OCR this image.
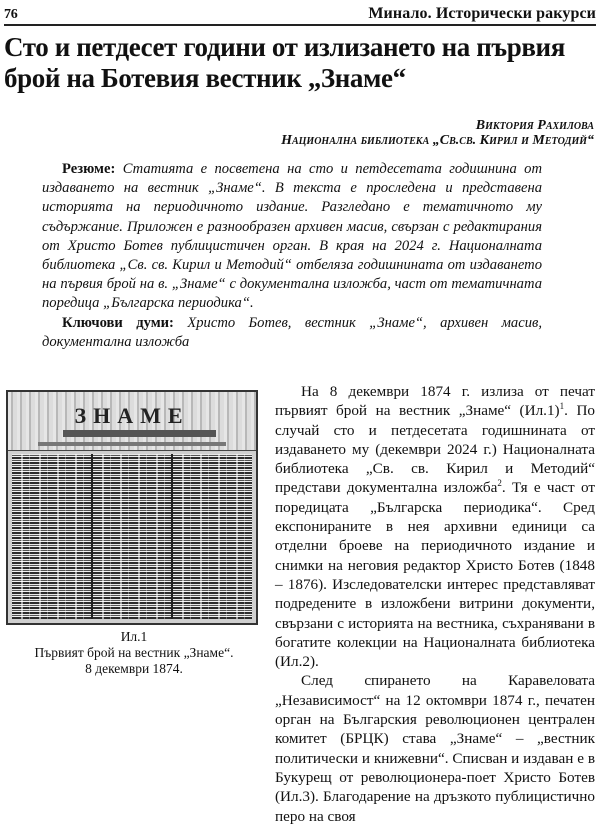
76	Минало. Исторически ракурси
Сто и петдесет години от излизането на първия брой на Ботевия вестник „Знаме“
Виктория Рахилова
Национална библиотека „Св.св. Кирил и Методий“

Резюме: Статията е посветена на сто и петдесетата годишнина от издаването на вестник „Знаме“. В текста е проследена и представена историята на периодичното издание. Разгледано е тематичното му съдържание. Приложен е разнообразен архивен масив, свързан с редактирания от Христо Ботев публицистичен орган. В края на 2024 г. Националната библиотека „Св. св. Кирил и Методий“ отбеляза годишнината от издаването на първия брой на в. „Знаме“ с документална изложба, част от тематичната поредица „Българска периодика“.

Ключови думи: Христо Ботев, вестник „Знаме“, архивен масив, документална изложба

ЗНАМЕ
Ил.1
Първият брой на вестник „Знаме“.
8 декември 1874.

На 8 декември 1874 г. излиза от печат първият брой на вестник „Знаме“ $(Ил.1)^1$. По случай сто и петдесетата годишнината от издаването му (декември 2024 г.) Националната библиотека „Св. св. Кирил и Методий“ представи документална изложба$^2$. Тя е част от поредицата „Българска периодика“. Сред експонираните в нея архивни единици са отделни броеве на периодичното издание и снимки на неговия редактор Христо Ботев (1848 – 1876). Изследователски интерес представляват подредените в изложбени витрини документи, свързани с историята на вестника, съхранявани в богатите колекции на Националната библиотека (Ил.2).

След спирането на Каравеловата „Независимост“ на 12 октомври 1874 г., печатен орган на Българския революционен централен комитет (БРЦК) става „Знаме“ – „вестник политически и книжевни“. Списван и издаван е в Букурещ от революционера-поет Христо Ботев (Ил.3). Благодарение на дръзкото публицистично перо на своя
